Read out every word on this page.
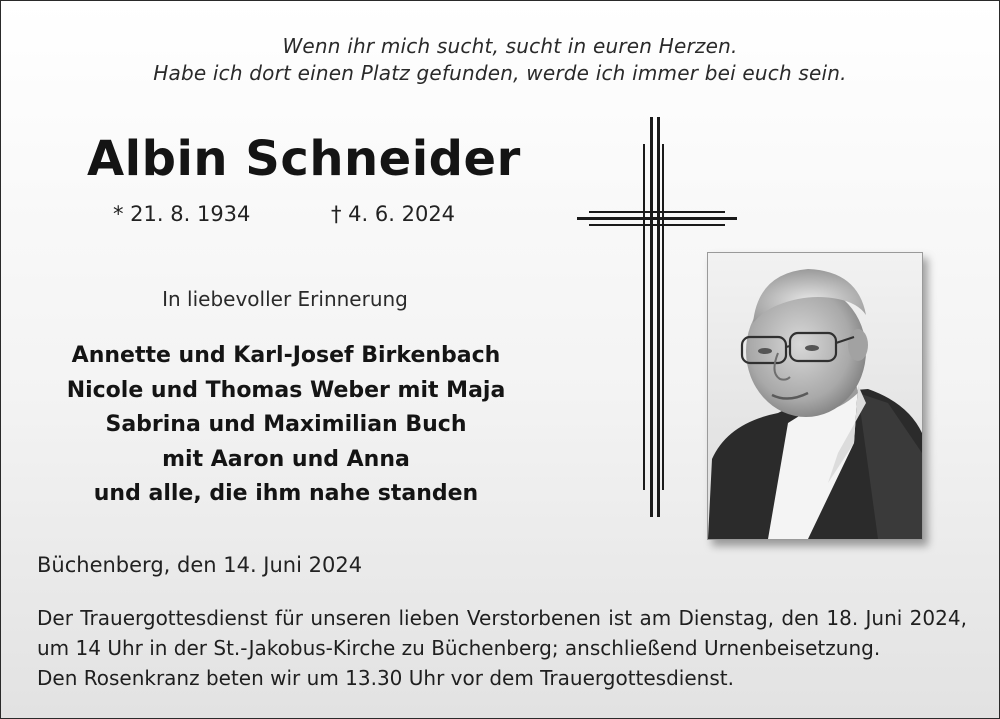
Wenn ihr mich sucht, sucht in euren Herzen.
Habe ich dort einen Platz gefunden, werde ich immer bei euch sein.
Albin Schneider
* 21. 8. 1934	† 4. 6. 2024
In liebevoller Erinnerung
Annette und Karl-Josef Birkenbach
Nicole und Thomas Weber mit Maja
Sabrina und Maximilian Buch
mit Aaron und Anna
und alle, die ihm nahe standen
Büchenberg, den 14. Juni 2024
Der Trauergottesdienst für unseren lieben Verstorbenen ist am Dienstag, den 18. Juni 2024,
um 14 Uhr in der St.-Jakobus-Kirche zu Büchenberg; anschließend Urnenbeisetzung.
Den Rosenkranz beten wir um 13.30 Uhr vor dem Trauergottesdienst.
